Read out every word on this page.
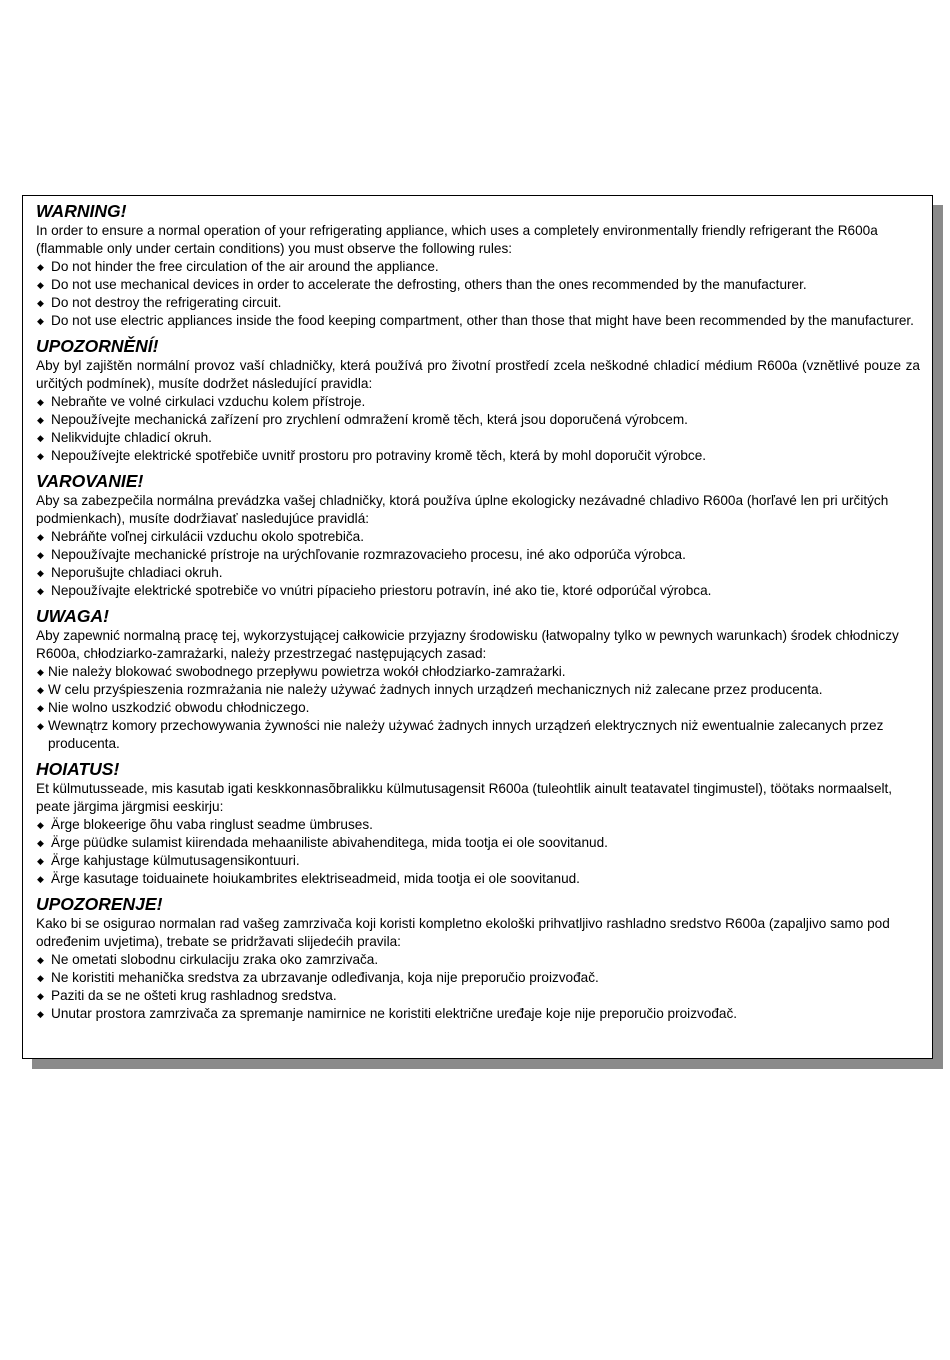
WARNING!

In order to ensure a normal operation of your refrigerating appliance, which uses a completely environmentally friendly refrigerant the R600a (flammable only under certain conditions) you must observe the following rules:

◆ Do not hinder the free circulation of the air around the appliance.
◆ Do not use mechanical devices in order to accelerate the defrosting, others than the ones recommended by the manufacturer.
◆ Do not destroy the refrigerating circuit.
◆ Do not use electric appliances inside the food keeping compartment, other than those that might have been recommended by the manufacturer.
UPOZORNĚNÍ!

Aby byl zajištěn normální provoz vaší chladničky, která používá pro životní prostředí zcela neškodné chladicí médium R600a (vznětlivé pouze za určitých podmínek), musíte dodržet následující pravidla:

◆ Nebraňte ve volné cirkulaci vzduchu kolem přístroje.
◆ Nepoužívejte mechanická zařízení pro zrychlení odmražení kromě těch, která jsou doporučená výrobcem.
◆ Nelikvidujte chladicí okruh.
◆ Nepoužívejte elektrické spotřebiče uvnitř prostoru pro potraviny kromě těch, která by mohl doporučit výrobce.
VAROVANIE!

Aby sa zabezpečila normálna prevádzka vašej chladničky, ktorá používa úplne ekologicky nezávadné chladivo R600a (horľavé len pri určitých podmienkach), musíte dodržiavať nasledujúce pravidlá:

◆ Nebráňte voľnej cirkulácii vzduchu okolo spotrebiča.
◆ Nepoužívajte mechanické prístroje na urýchľovanie rozmrazovacieho procesu, iné ako odporúča výrobca.
◆ Neporušujte chladiaci okruh.
◆ Nepoužívajte elektrické spotrebiče vo vnútri pípacieho priestoru potravín, iné ako tie, ktoré odporúčal výrobca.
UWAGA!

Aby zapewnić normalną pracę tej, wykorzystującej całkowicie przyjazny środowisku (łatwopalny tylko w pewnych warunkach) środek chłodniczy R600a, chłodziarko-zamrażarki, należy przestrzegać następujących zasad:

◆ Nie należy blokować swobodnego przepływu powietrza wokół chłodziarko-zamrażarki.
◆ W celu przyśpieszenia rozmrażania nie należy używać żadnych innych urządzeń mechanicznych niż zalecane przez producenta.
◆ Nie wolno uszkodzić obwodu chłodniczego.
◆ Wewnątrz komory przechowywania żywności nie należy używać żadnych innych urządzeń elektrycznych niż ewentualnie zalecanych przez producenta.
HOIATUS!

Et külmutusseade, mis kasutab igati keskkonnasõbralikku külmutusagensit R600a (tuleohtlik ainult teatavatel tingimustel), töötaks normaalselt, peate järgima järgmisi eeskirju:

◆ Ärge blokeerige õhu vaba ringlust seadme ümbruses.
◆ Ärge püüdke sulamist kiirendada mehaaniliste abivahenditega, mida tootja ei ole soovitanud.
◆ Ärge kahjustage külmutusagensikontuuri.
◆ Ärge kasutage toiduainete hoiukambrites elektriseadmeid, mida tootja ei ole soovitanud.
UPOZORENJE!

Kako bi se osigurao normalan rad vašeg zamrzivača koji koristi kompletno ekološki prihvatljivo rashladno sredstvo R600a (zapaljivo samo pod određenim uvjetima), trebate se pridržavati slijedećih pravila:

◆ Ne ometati slobodnu cirkulaciju zraka oko zamrzivača.
◆ Ne koristiti mehanička sredstva za ubrzavanje odleđivanja, koja nije preporučio proizvođač.
◆ Paziti da se ne ošteti krug rashladnog sredstva.
◆ Unutar prostora zamrzivača za spremanje namirnice ne koristiti električne uređaje koje nije preporučio proizvođač.
